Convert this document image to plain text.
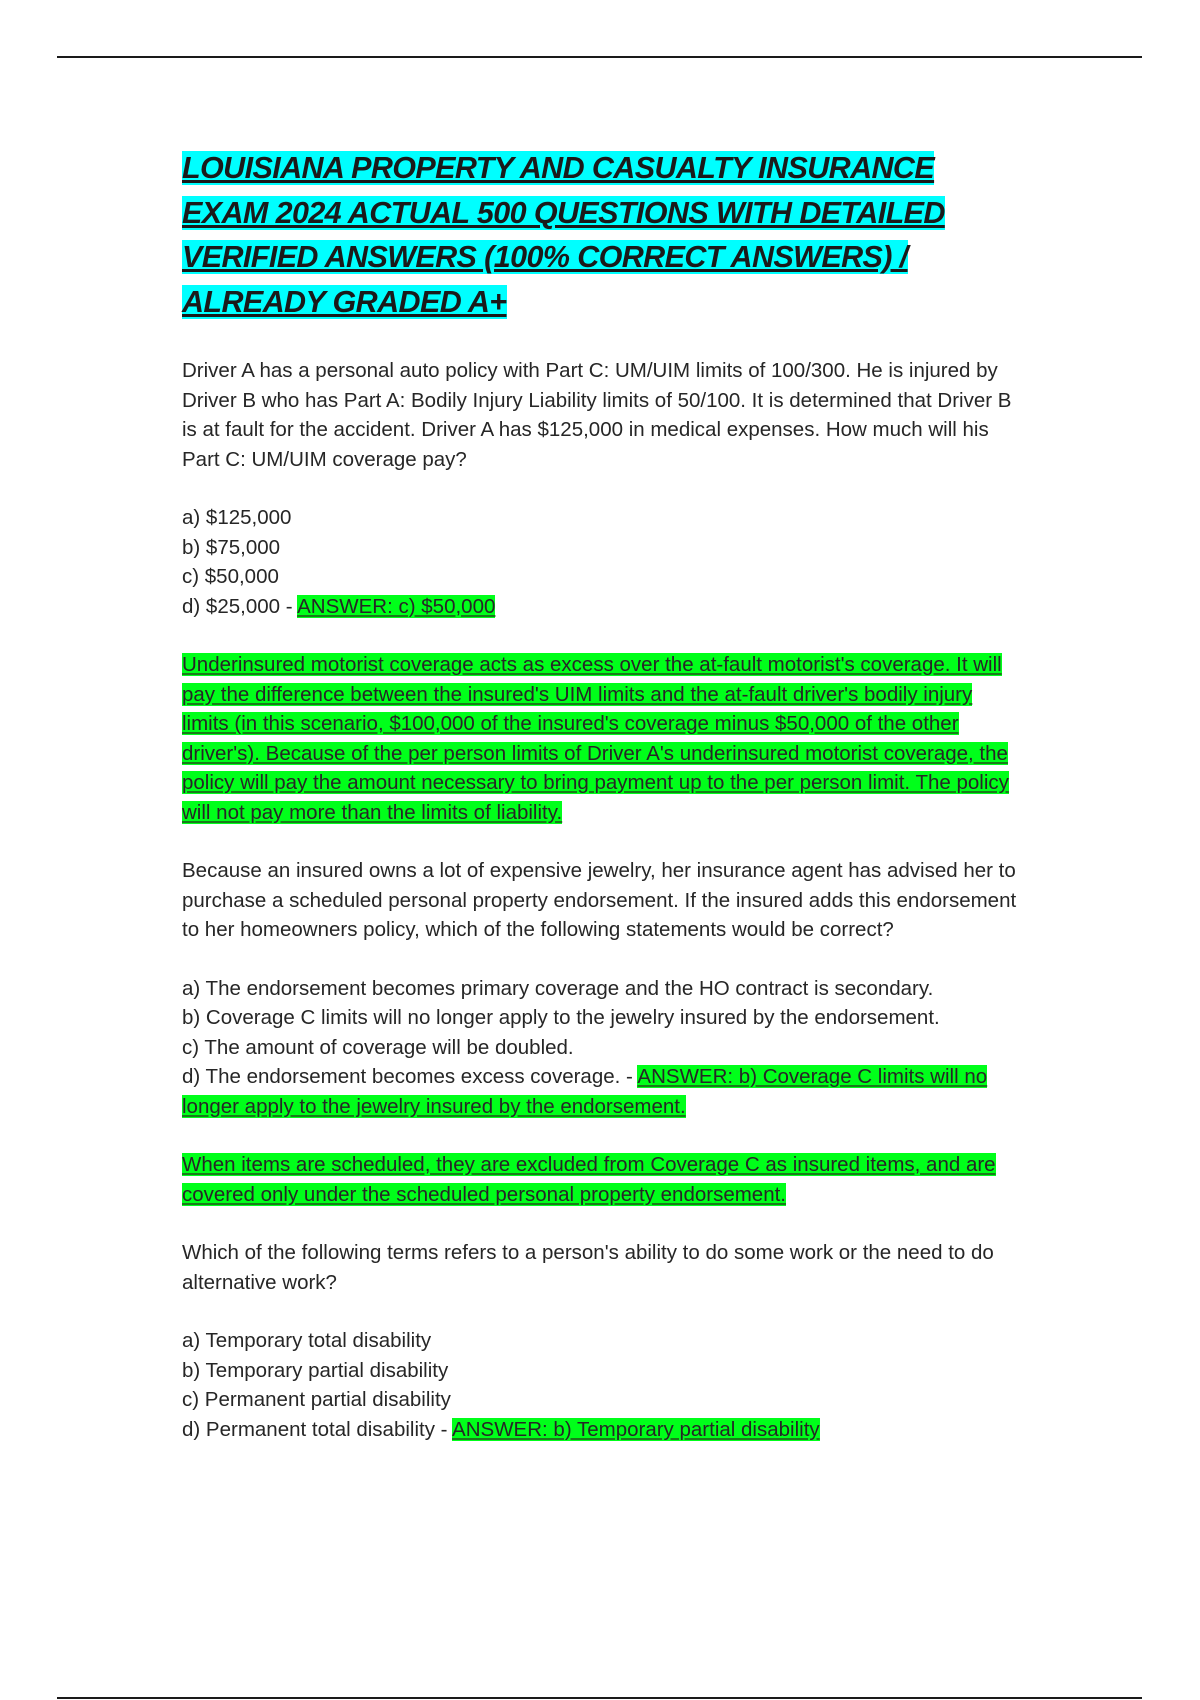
LOUISIANA PROPERTY AND CASUALTY INSURANCE EXAM 2024 ACTUAL 500 QUESTIONS WITH DETAILED VERIFIED ANSWERS (100% CORRECT ANSWERS) / ALREADY GRADED A+

Driver A has a personal auto policy with Part C: UM/UIM limits of 100/300. He is injured by Driver B who has Part A: Bodily Injury Liability limits of 50/100. It is determined that Driver B is at fault for the accident. Driver A has $125,000 in medical expenses. How much will his Part C: UM/UIM coverage pay?

a) $125,000

b) $75,000

c) $50,000

d) $25,000 - ANSWER: c) $50,000

Underinsured motorist coverage acts as excess over the at-fault motorist's coverage. It will pay the difference between the insured's UIM limits and the at-fault driver's bodily injury limits (in this scenario, $100,000 of the insured's coverage minus $50,000 of the other driver's). Because of the per person limits of Driver A's underinsured motorist coverage, the policy will pay the amount necessary to bring payment up to the per person limit. The policy will not pay more than the limits of liability.

Because an insured owns a lot of expensive jewelry, her insurance agent has advised her to purchase a scheduled personal property endorsement. If the insured adds this endorsement to her homeowners policy, which of the following statements would be correct?

a) The endorsement becomes primary coverage and the HO contract is secondary.

b) Coverage C limits will no longer apply to the jewelry insured by the endorsement.

c) The amount of coverage will be doubled.

d) The endorsement becomes excess coverage. - ANSWER: b) Coverage C limits will no longer apply to the jewelry insured by the endorsement.

When items are scheduled, they are excluded from Coverage C as insured items, and are covered only under the scheduled personal property endorsement.

Which of the following terms refers to a person's ability to do some work or the need to do alternative work?

a) Temporary total disability

b) Temporary partial disability

c) Permanent partial disability

d) Permanent total disability - ANSWER: b) Temporary partial disability
